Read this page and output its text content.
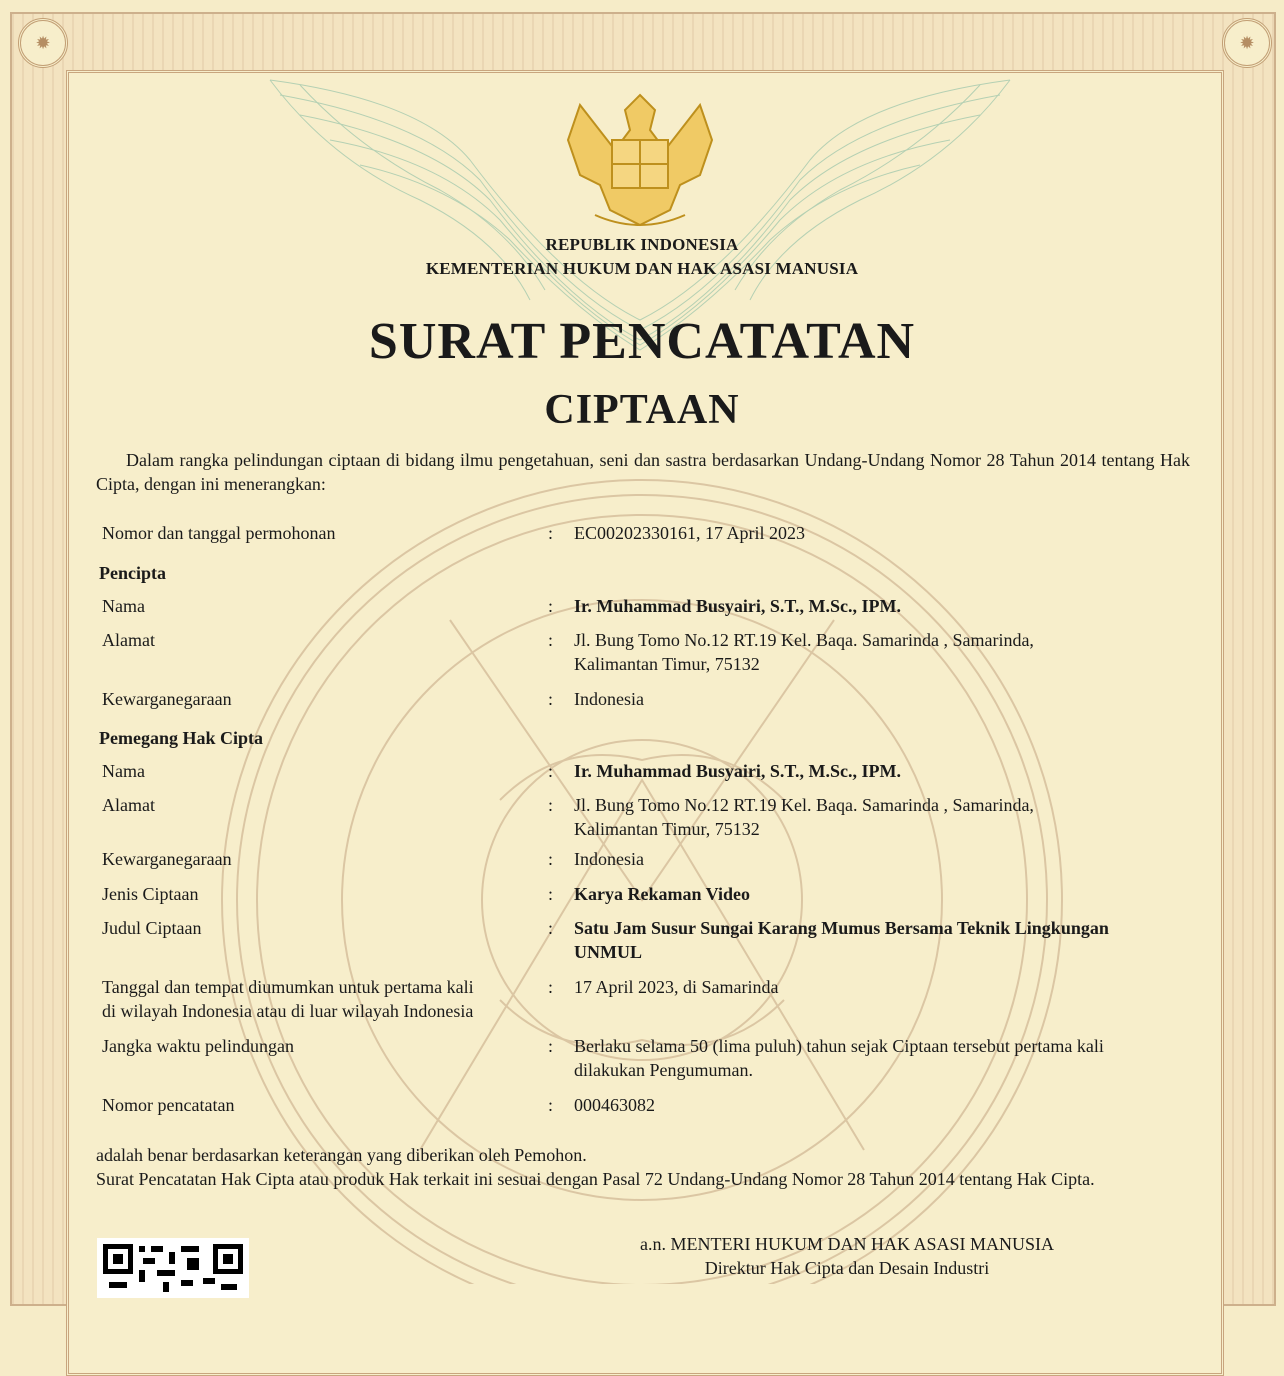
✹	✹
REPUBLIK INDONESIA
KEMENTERIAN HUKUM DAN HAK ASASI MANUSIA
SURAT PENCATATAN
CIPTAAN
Dalam rangka pelindungan ciptaan di bidang ilmu pengetahuan, seni dan sastra berdasarkan Undang-Undang Nomor 28 Tahun 2014 tentang Hak Cipta, dengan ini menerangkan:
Nomor dan tanggal permohonan	: EC00202330161, 17 April 2023
Pencipta
Nama	: Ir. Muhammad Busyairi, S.T., M.Sc., IPM.
Alamat	: Jl. Bung Tomo No.12 RT.19 Kel. Baqa. Samarinda , Samarinda,
Kalimantan Timur, 75132
Kewarganegaraan	: Indonesia
Pemegang Hak Cipta
Nama	: Ir. Muhammad Busyairi, S.T., M.Sc., IPM.
Alamat	: Jl. Bung Tomo No.12 RT.19 Kel. Baqa. Samarinda , Samarinda,
Kalimantan Timur, 75132
Kewarganegaraan	: Indonesia
Jenis Ciptaan	: Karya Rekaman Video
Judul Ciptaan	: Satu Jam Susur Sungai Karang Mumus Bersama Teknik Lingkungan
UNMUL
Tanggal dan tempat diumumkan untuk pertama kali
di wilayah Indonesia atau di luar wilayah Indonesia
: 17 April 2023, di Samarinda
Jangka waktu pelindungan	: Berlaku selama 50 (lima puluh) tahun sejak Ciptaan tersebut pertama kali
dilakukan Pengumuman.
Nomor pencatatan	: 000463082
adalah benar berdasarkan keterangan yang diberikan oleh Pemohon.
Surat Pencatatan Hak Cipta atau produk Hak terkait ini sesuai dengan Pasal 72 Undang-Undang Nomor 28 Tahun 2014 tentang Hak Cipta.
a.n. MENTERI HUKUM DAN HAK ASASI MANUSIA
Direktur Hak Cipta dan Desain Industri
